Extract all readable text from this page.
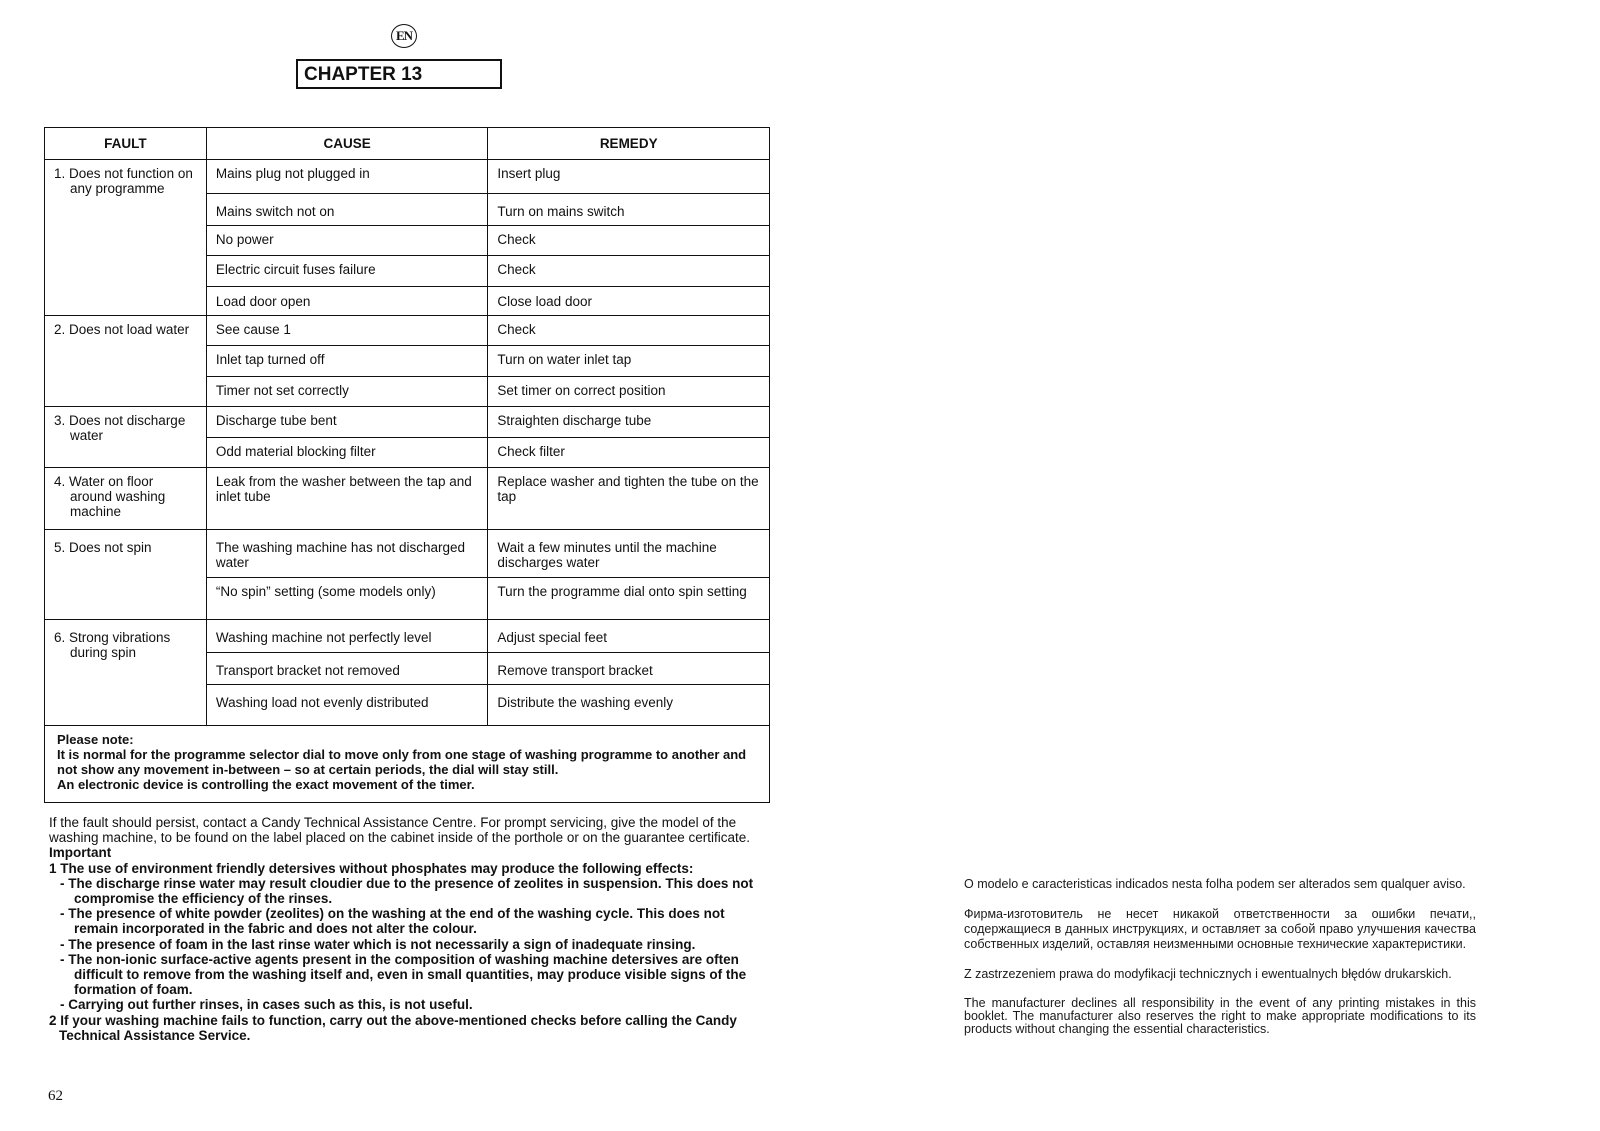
EN
CHAPTER 13
FAULT	CAUSE	REMEDY

1. Does not function on any programme	Mains plug not plugged in	Insert plug
	Mains switch not on	Turn on mains switch
	No power	Check
	Electric circuit fuses failure	Check
	Load door open	Close load door

2. Does not load water	See cause 1	Check
	Inlet tap turned off	Turn on water inlet tap
	Timer not set correctly	Set timer on correct position

3. Does not discharge water	Discharge tube bent	Straighten discharge tube
	Odd material blocking filter	Check filter

4. Water on floor around washing machine	Leak from the washer between the tap and inlet tube	Replace washer and tighten the tube on the tap

5. Does not spin	The washing machine has not discharged water	Wait a few minutes until the machine discharges water
	“No spin” setting (some models only)	Turn the programme dial onto spin setting

6. Strong vibrations during spin	Washing machine not perfectly level	Adjust special feet
	Transport bracket not removed	Remove transport bracket
	Washing load not evenly distributed	Distribute the washing evenly

Please note:
It is normal for the programme selector dial to move only from one stage of washing programme to another and not show any movement in-between – so at certain periods, the dial will stay still.
An electronic device is controlling the exact movement of the timer.		

If the fault should persist, contact a Candy Technical Assistance Centre. For prompt servicing, give the model of the washing machine, to be found on the label placed on the cabinet inside of the porthole or on the guarantee certificate.

Important

1 The use of environment friendly detersives without phosphates may produce the following effects:

- The discharge rinse water may result cloudier due to the presence of zeolites in suspension. This does not compromise the efficiency of the rinses.
- The presence of white powder (zeolites) on the washing at the end of the washing cycle. This does not remain incorporated in the fabric and does not alter the colour.
- The presence of foam in the last rinse water which is not necessarily a sign of inadequate rinsing.
- The non-ionic surface-active agents present in the composition of washing machine detersives are often difficult to remove from the washing itself and, even in small quantities, may produce visible signs of the formation of foam.
- Carrying out further rinses, in cases such as this, is not useful.

2 If your washing machine fails to function, carry out the above-mentioned checks before calling the Candy Technical Assistance Service.

62

O modelo e caracteristicas indicados nesta folha podem ser alterados sem qualquer aviso.

Фирма-изготовитель не несет никакой ответственности за ошибки печати,, содержащиеся в данных инструкциях, и оставляет за собой право улучшения качества собственных изделий, оставляя неизменными основные технические характеристики.

Z zastrzezeniem prawa do modyfikacji technicznych i ewentualnych błędów drukarskich.

The manufacturer declines all responsibility in the event of any printing mistakes in this booklet. The manufacturer also reserves the right to make appropriate modifications to its products without changing the essential characteristics.
